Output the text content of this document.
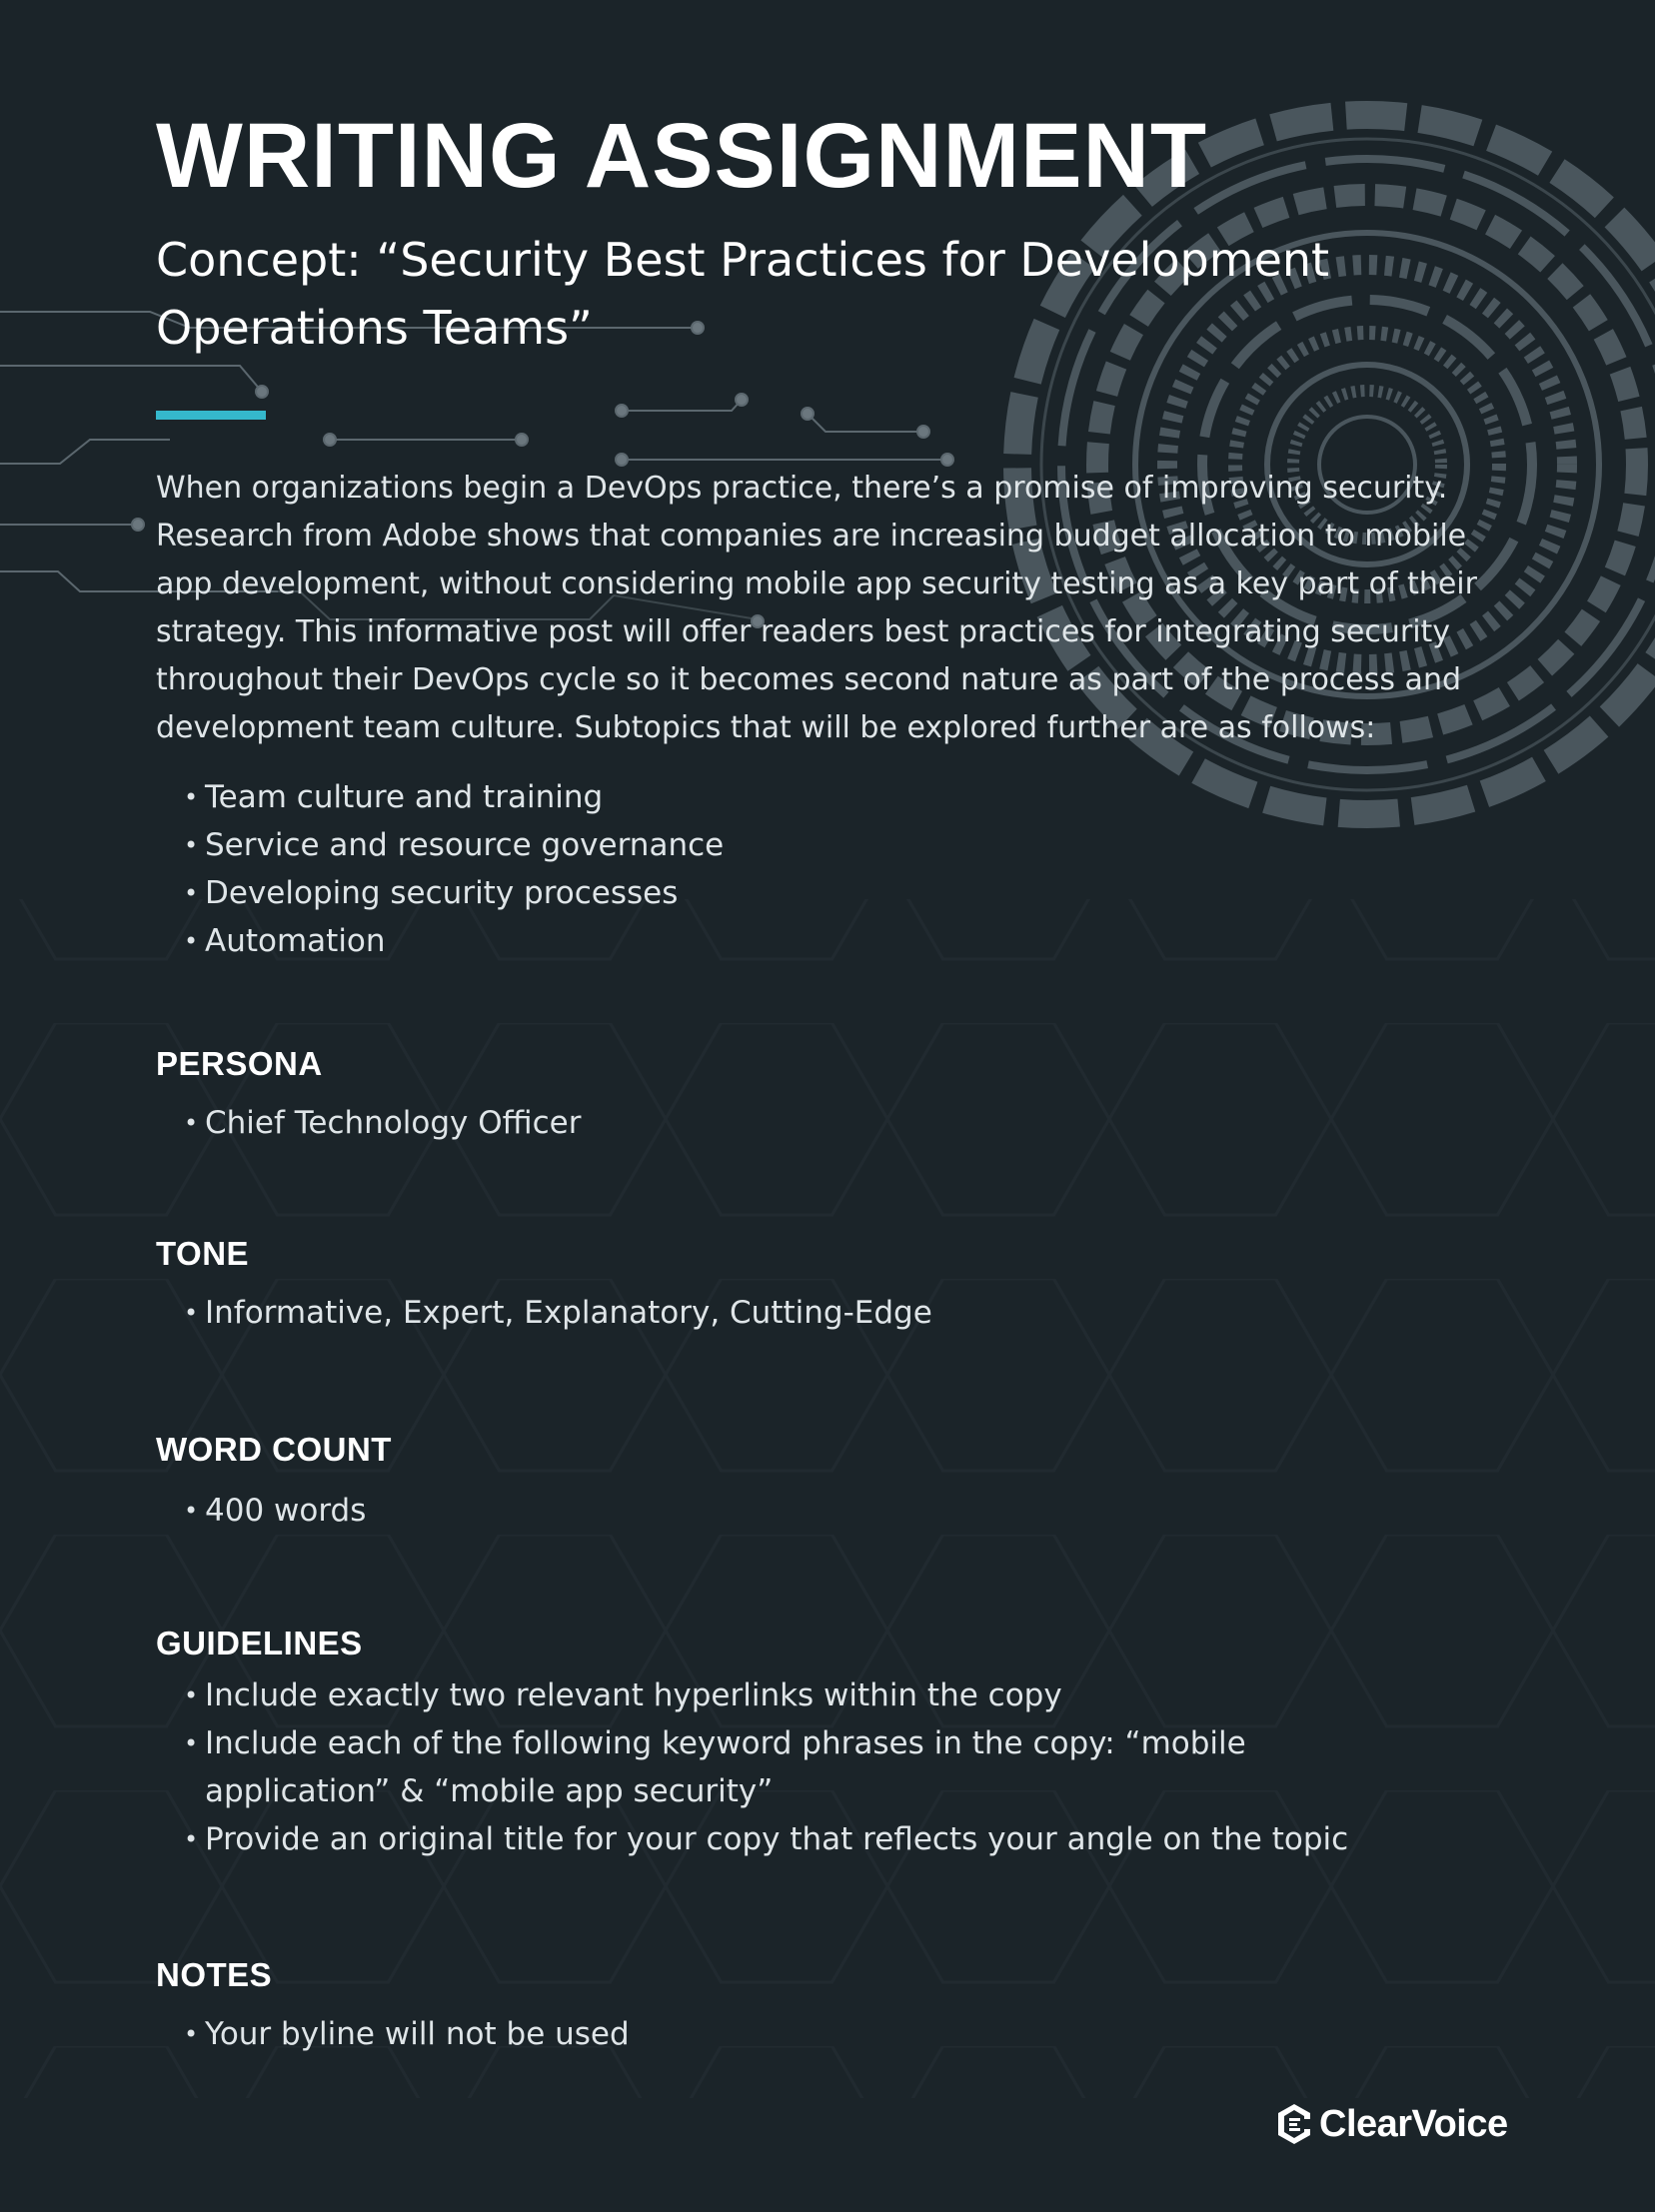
WRITING ASSIGNMENT
Concept: “Security Best Practices for Development Operations Teams”

When organizations begin a DevOps practice, there’s a promise of improving security. Research from Adobe shows that companies are increasing budget allocation to mobile app development, without considering mobile app security testing as a key part of their strategy. This informative post will offer readers best practices for integrating security throughout their DevOps cycle so it becomes second nature as part of the process and development team culture. Subtopics that will be explored further are as follows:

• Team culture and training
• Service and resource governance
• Developing security processes
• Automation
PERSONA
• Chief Technology Officer
TONE
• Informative, Expert, Explanatory, Cutting-Edge
WORD COUNT
• 400 words
GUIDELINES
• Include exactly two relevant hyperlinks within the copy
• Include each of the following keyword phrases in the copy: “mobile application” & “mobile app security”
• Provide an original title for your copy that reflects your angle on the topic
NOTES
• Your byline will not be used
ClearVoice
